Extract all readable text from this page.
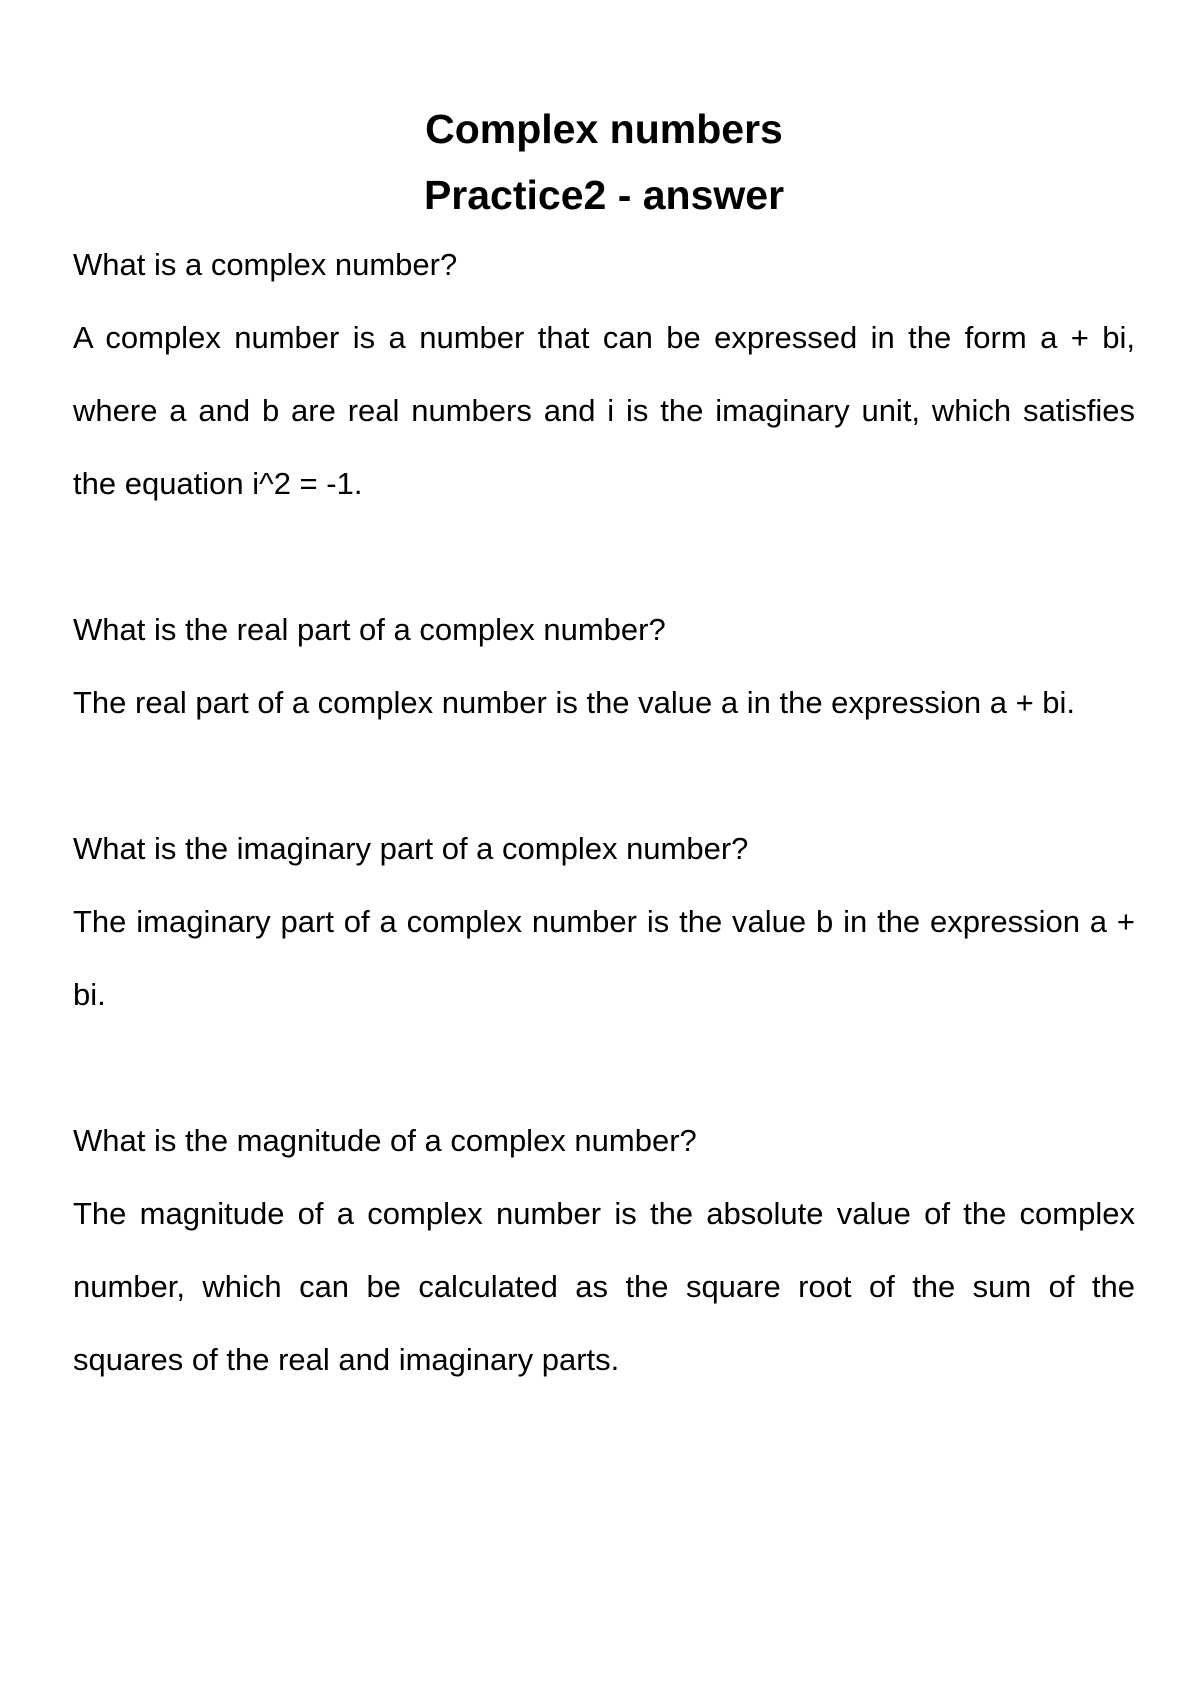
Complex numbers
Practice2 - answer

What is a complex number?

A complex number is a number that can be expressed in the form a + bi, where a and b are real numbers and i is the imaginary unit, which satisfies the equation i^2 = -1.

What is the real part of a complex number?

The real part of a complex number is the value a in the expression a + bi.

What is the imaginary part of a complex number?

The imaginary part of a complex number is the value b in the expression a + bi.

What is the magnitude of a complex number?

The magnitude of a complex number is the absolute value of the complex number, which can be calculated as the square root of the sum of the squares of the real and imaginary parts.
